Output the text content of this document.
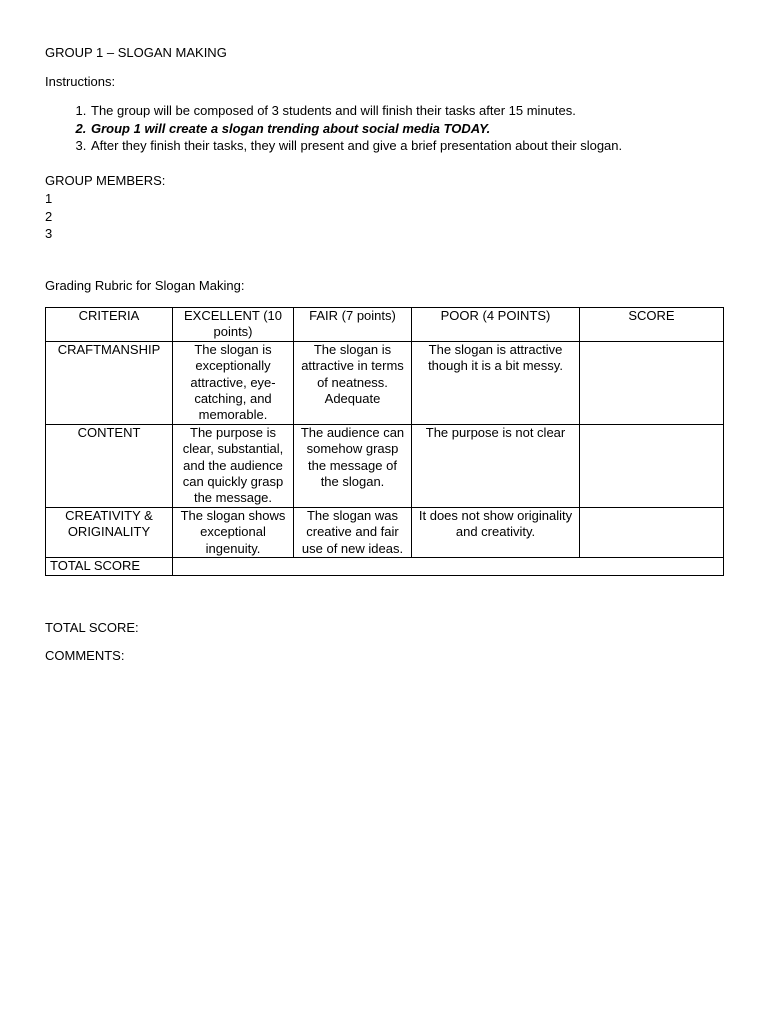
GROUP 1 – SLOGAN MAKING
Instructions:
1. The group will be composed of 3 students and will finish their tasks after 15 minutes.
2. Group 1 will create a slogan trending about social media TODAY.
3. After they finish their tasks, they will present and give a brief presentation about their slogan.
GROUP MEMBERS:
1
2
3
Grading Rubric for Slogan Making:
CRITERIA	EXCELLENT (10 points)	FAIR (7 points)	POOR (4 POINTS)	SCORE
CRAFTMANSHIP	The slogan is exceptionally attractive, eye-catching, and memorable.	The slogan is attractive in terms of neatness. Adequate	The slogan is attractive though it is a bit messy.	
CONTENT	The purpose is clear, substantial, and the audience can quickly grasp the message.	The audience can somehow grasp the message of the slogan.	The purpose is not clear	
CREATIVITY & ORIGINALITY	The slogan shows exceptional ingenuity.	The slogan was creative and fair use of new ideas.	It does not show originality and creativity.	
TOTAL SCORE				
TOTAL SCORE:
COMMENTS:
